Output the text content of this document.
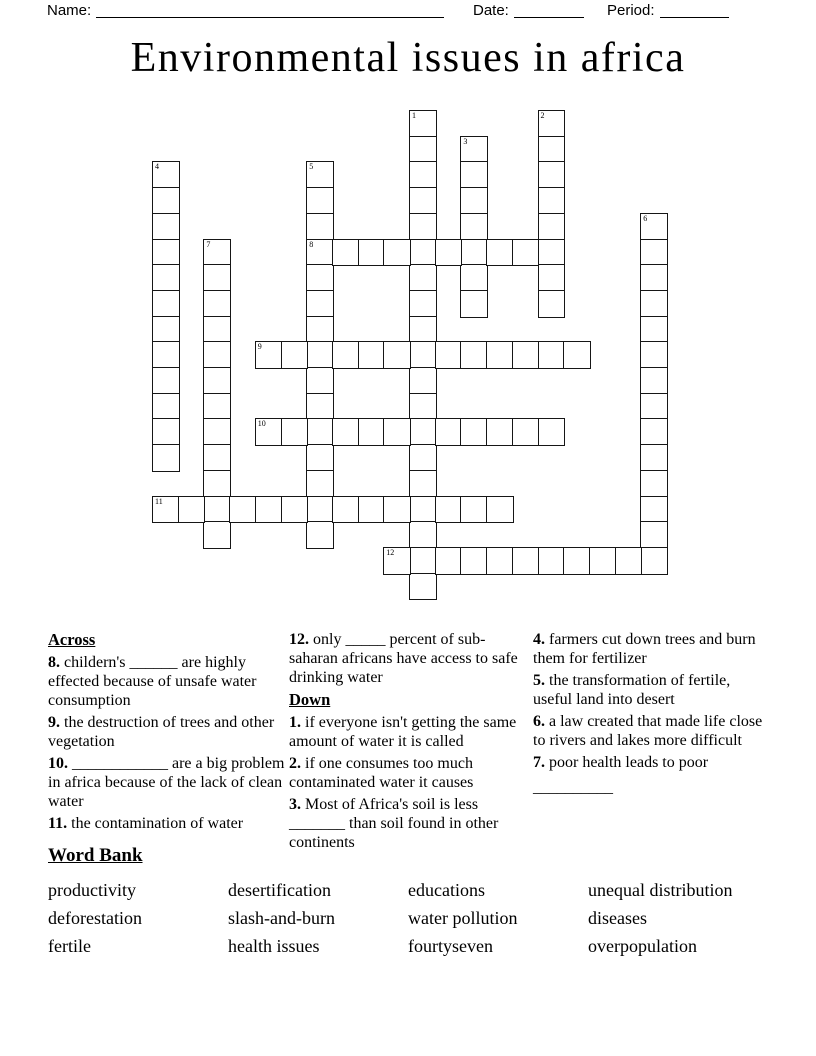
Name:	Date:	Period:
Environmental issues in africa
1	2
3
4	5
8
6
7
9
10
11
12
Across
8. childern's ______ are highly effected because of unsafe water consumption
9. the destruction of trees and other vegetation
10. ____________ are a big problem in africa because of the lack of clean water
11. the contamination of water
12. only _____ percent of sub-saharan africans have access to safe drinking water
Down
1. if everyone isn't getting the same amount of water it is called
2. if one consumes too much contaminated water it causes
3. Most of Africa's soil is less _______ than soil found in other continents
4. farmers cut down trees and burn them for fertilizer
5. the transformation of fertile, useful land into desert
6. a law created that made life close to rivers and lakes more difficult
7. poor health leads to poor
__________
Word Bank
productivity	desertification	educations	unequal distribution
deforestation	slash-and-burn	water pollution	diseases
fertile	health issues	fourtyseven	overpopulation
